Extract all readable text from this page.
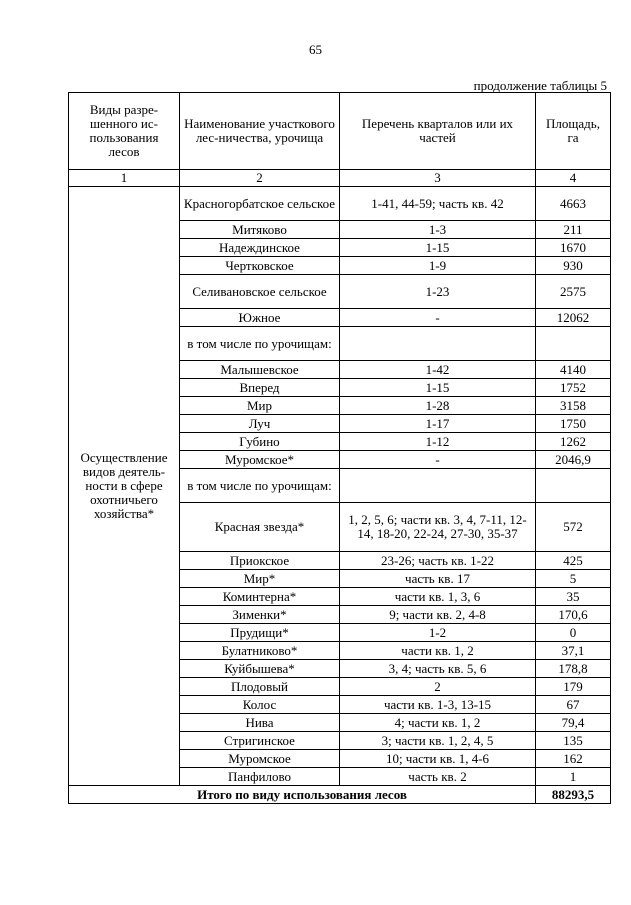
65
продолжение таблицы 5
Виды разре-шенного ис-пользования лесов	Наименование участкового лес-ничества, урочища	Перечень кварталов или их частей	Площадь, га
1	2	3	4
Осуществление видов деятель-ности в сфере охотничьего хозяйства*	Красногорбатское сельское	1-41, 44-59; часть кв. 42	4663
	Митяково	1-3	211
	Надеждинское	1-15	1670
	Чертковское	1-9	930
	Селивановское сельское	1-23	2575
	Южное	-	12062
	в том числе по урочищам:		
	Малышевское	1-42	4140
	Вперед	1-15	1752
	Мир	1-28	3158
	Луч	1-17	1750
	Губино	1-12	1262
	Муромское*	-	2046,9
	в том числе по урочищам:		
	Красная звезда*	1, 2, 5, 6; части кв. 3, 4, 7-11, 12-14, 18-20, 22-24, 27-30, 35-37	572
	Приокское	23-26; часть кв. 1-22	425
	Мир*	часть кв. 17	5
	Коминтерна*	части кв. 1, 3, 6	35
	Зименки*	9; части кв. 2, 4-8	170,6
	Прудищи*	1-2	0
	Булатниково*	части кв. 1, 2	37,1
	Куйбышева*	3, 4; часть кв. 5, 6	178,8
	Плодовый	2	179
	Колос	части кв. 1-3, 13-15	67
	Нива	4; части кв. 1, 2	79,4
	Стригинское	3; части кв. 1, 2, 4, 5	135
	Муромское	10; части кв. 1, 4-6	162
	Панфилово	часть кв. 2	1
Итого по виду использования лесов			88293,5
